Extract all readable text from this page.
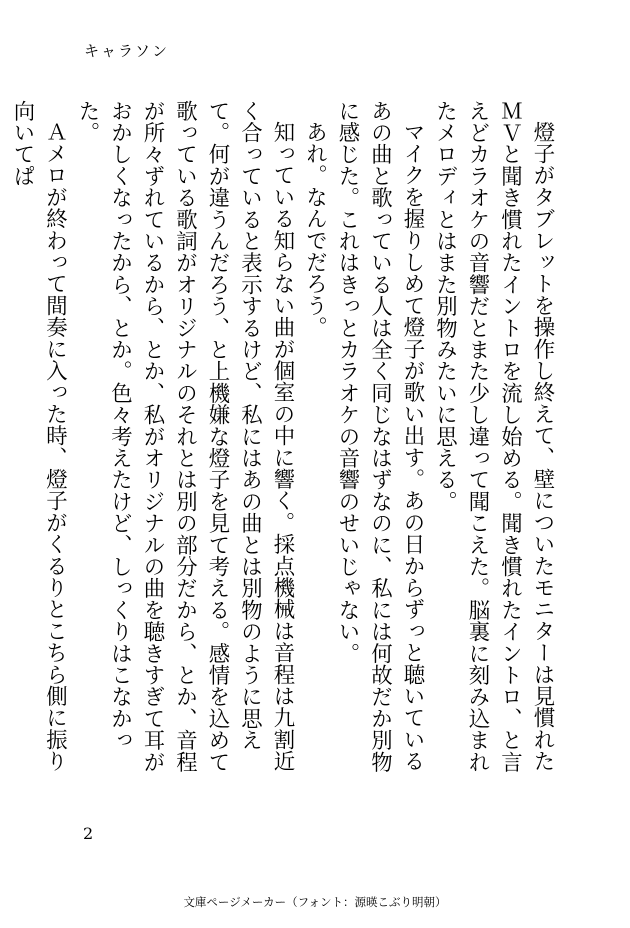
キャラソン

燈子がタブレットを操作し終えて、壁についたモニターは見慣れたＭＶと聞き慣れたイントロを流し始める。聞き慣れたイントロ、と言えどカラオケの音響だとまた少し違って聞こえた。脳裏に刻み込まれたメロディとはまた別物みたいに思える。

マイクを握りしめて燈子が歌い出す。あの日からずっと聴いているあの曲と歌っている人は全く同じなはずなのに、私には何故だか別物に感じた。これはきっとカラオケの音響のせいじゃない。

あれ。なんでだろう。

知っている知らない曲が個室の中に響く。採点機械は音程は九割近く合っていると表示するけど、私にはあの曲とは別物のように思えて。何が違うんだろう、と上機嫌な燈子を見て考える。感情を込めて歌っている歌詞がオリジナルのそれとは別の部分だから、とか、音程が所々ずれているから、とか、私がオリジナルの曲を聴きすぎて耳がおかしくなったから、とか。色々考えたけど、しっくりはこなかった。

Ａメロが終わって間奏に入った時、燈子がくるりとこちら側に振り向いてぱ

2
文庫ページメーカー（フォント：源暎こぶり明朝）
